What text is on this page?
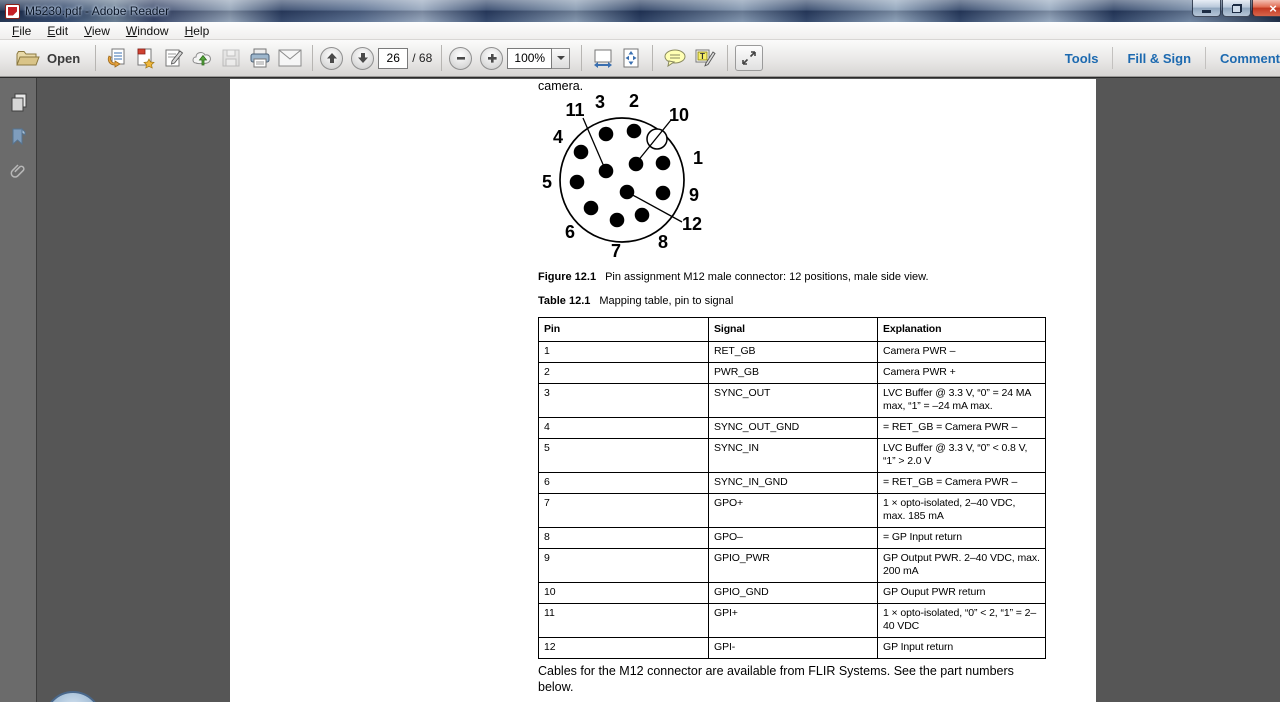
M5230.pdf - Adobe Reader	×
File	Edit	View	Window	Help
Open
26	/ 68	100%	T	Tools	Fill & Sign	Comment
camera.
11 3 2
10
4
1
5
9
12
6
7 8
Figure 12.1 Pin assignment M12 male connector: 12 positions, male side view.
Table 12.1 Mapping table, pin to signal
Pin	Signal	Explanation
1	RET_GB	Camera PWR –
2	PWR_GB	Camera PWR +
3	SYNC_OUT	LVC Buffer @ 3.3 V, “0” = 24 MA max, “1” = –24 mA max.
4	SYNC_OUT_GND	= RET_GB = Camera PWR –
5	SYNC_IN	LVC Buffer @ 3.3 V, “0” < 0.8 V, “1” > 2.0 V
6	SYNC_IN_GND	= RET_GB = Camera PWR –
7	GPO+	1 × opto-isolated, 2–40 VDC, max. 185 mA
8	GPO–	= GP Input return
9	GPIO_PWR	GP Output PWR. 2–40 VDC, max. 200 mA
10	GPIO_GND	GP Ouput PWR return
11	GPI+	1 × opto-isolated, “0” < 2, “1” = 2–40 VDC
12	GPI-	GP Input return
Cables for the M12 connector are available from FLIR Systems. See the part numbers below.
